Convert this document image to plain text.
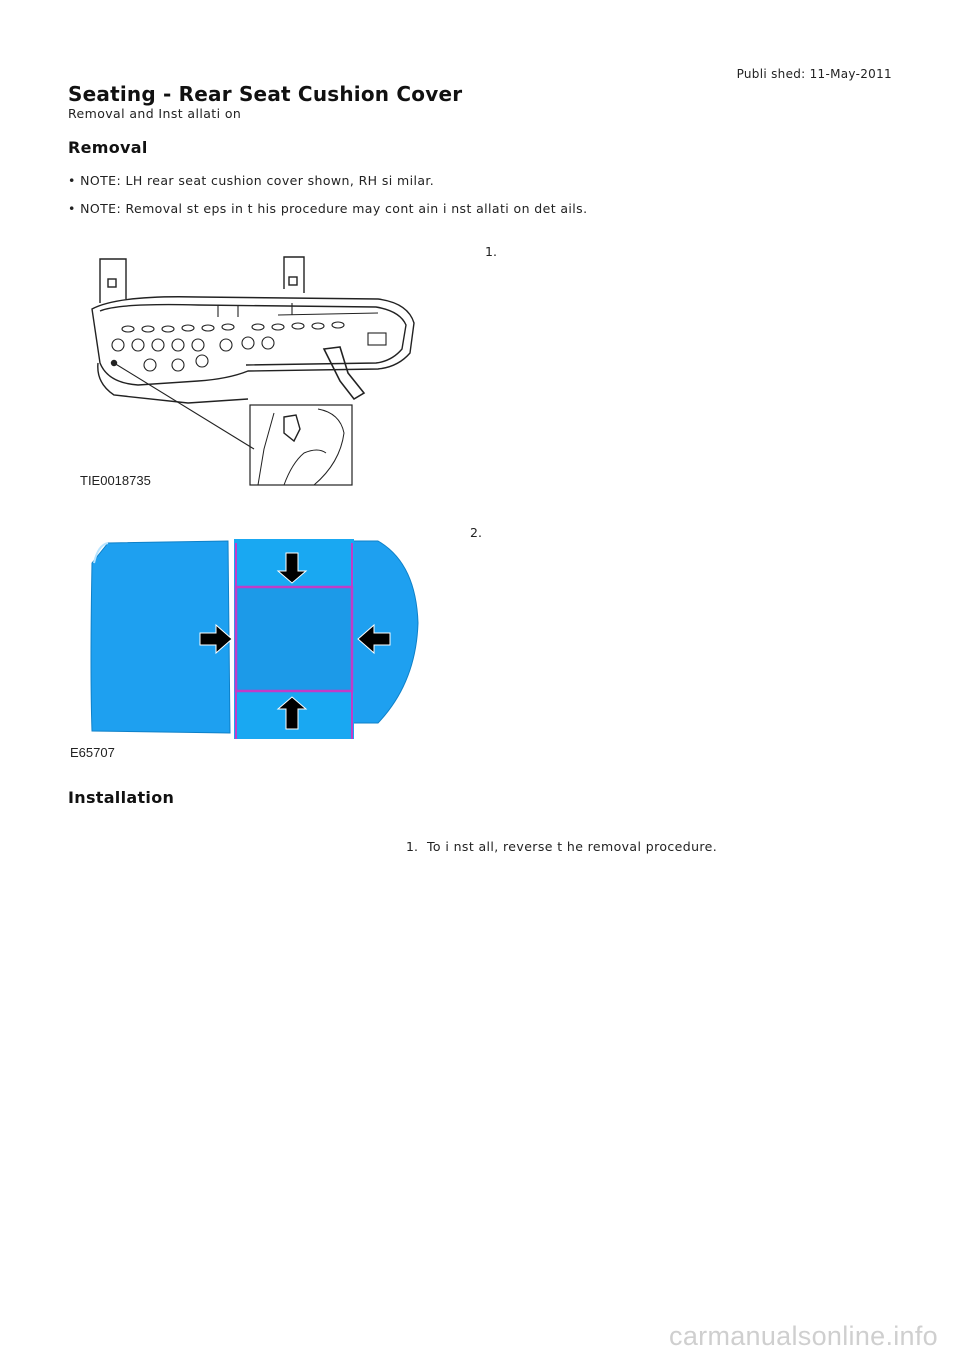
Publi shed: 11-May-2011
Seating - Rear Seat Cushion Cover
Removal and Inst allati on
Removal
• NOTE: LH rear seat cushion cover shown, RH si milar.
• NOTE: Removal st eps in t his procedure may cont ain i nst allati on det ails.
1.
TIE0018735
2.
E65707
Installation
1. To i nst all, reverse t he removal procedure.
carmanualsonline.info
